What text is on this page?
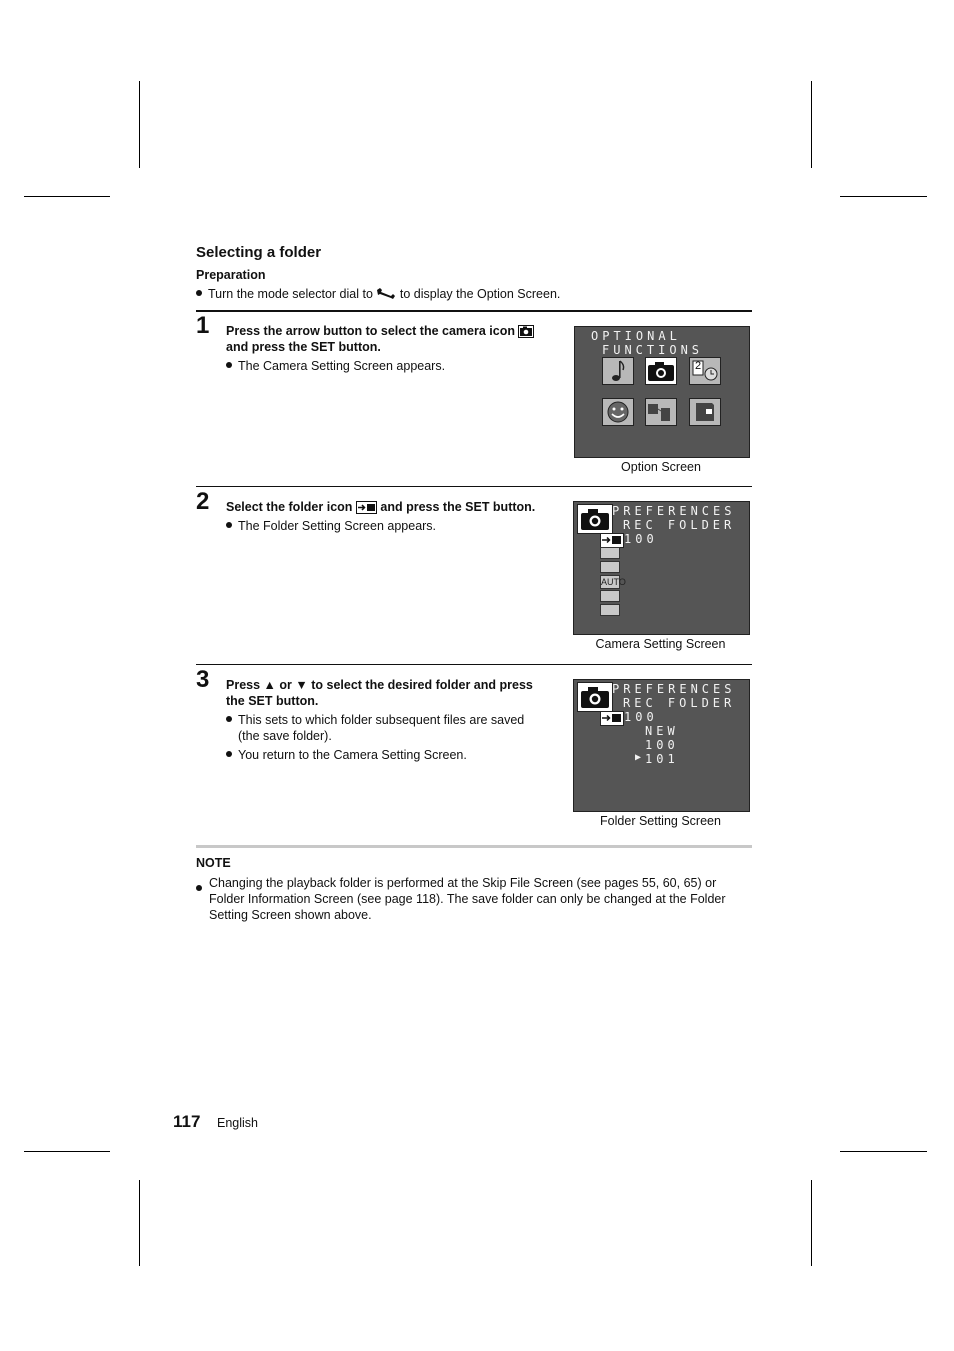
Selecting a folder
Preparation
Turn the mode selector dial to to display the Option Screen.
1 Press the arrow button to select the camera icon
and press the SET button.
The Camera Setting Screen appears.
OPTIONAL
FUNCTIONS
2
Option Screen
2 Select the folder icon and press the SET button.
The Folder Setting Screen appears.
PREFERENCES
REC FOLDER
100
AUTO
Camera Setting Screen
3 Press ▲ or ▼ to select the desired folder and press
the SET button.
This sets to which folder subsequent files are saved
(the save folder).
You return to the Camera Setting Screen.
PREFERENCES
REC FOLDER
100
NEW
100
▶ 101
Folder Setting Screen
NOTE
Changing the playback folder is performed at the Skip File Screen (see pages 55, 60, 65) or
Folder Information Screen (see page 118). The save folder can only be changed at the Folder
Setting Screen shown above.
117 English
